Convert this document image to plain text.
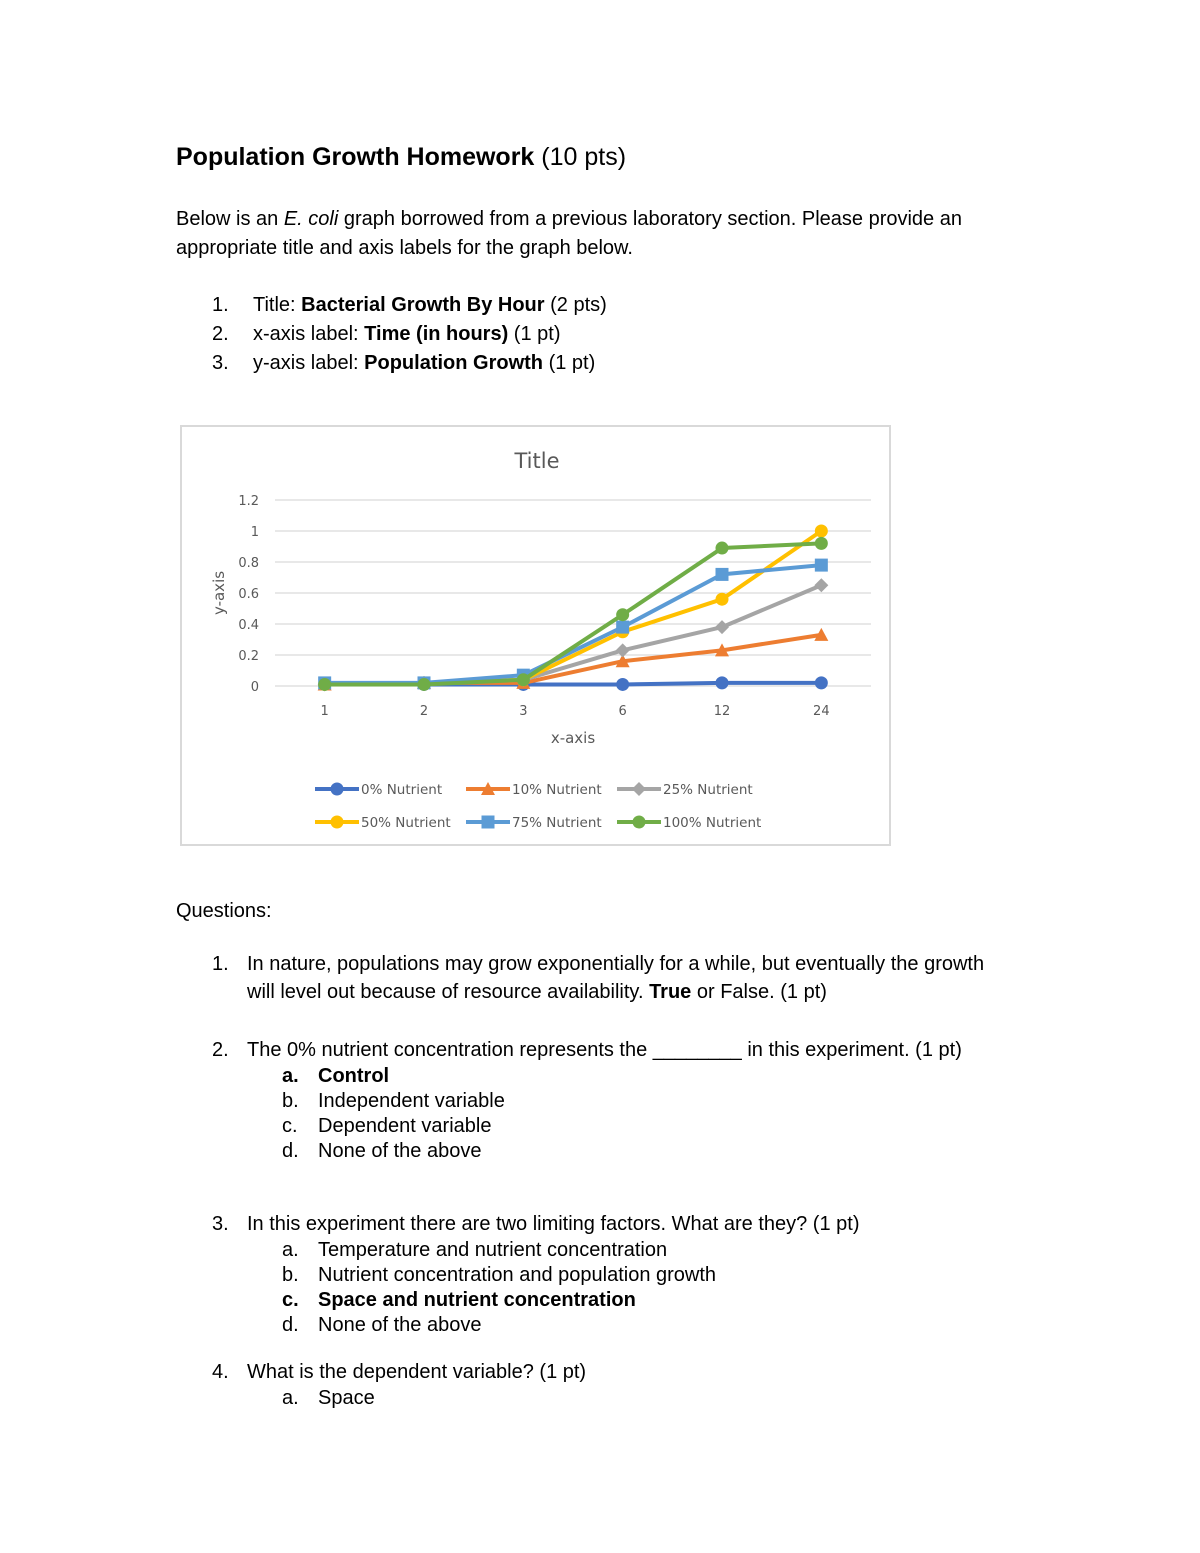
Population Growth Homework (10 pts)
Below is an E. coli graph borrowed from a previous laboratory section. Please provide an appropriate title and axis labels for the graph below.
1. Title: Bacterial Growth By Hour (2 pts)
2. x-axis label: Time (in hours) (1 pt)
3. y-axis label: Population Growth (1 pt)
Title
0
0.2
0.4
0.6
0.8
1
1.2
1	2	3	6	12	24
x-axis
y-axis
0% Nutrient	10% Nutrient	25% Nutrient
50% Nutrient	75% Nutrient	100% Nutrient
Questions:
1. In nature, populations may grow exponentially for a while, but eventually the growth will level out because of resource availability. True or False. (1 pt)
2. The 0% nutrient concentration represents the ________ in this experiment. (1 pt)
a. Control
b. Independent variable
c. Dependent variable
d. None of the above
3. In this experiment there are two limiting factors. What are they? (1 pt)
a. Temperature and nutrient concentration
b. Nutrient concentration and population growth
c. Space and nutrient concentration
d. None of the above
4. What is the dependent variable? (1 pt)
a. Space
